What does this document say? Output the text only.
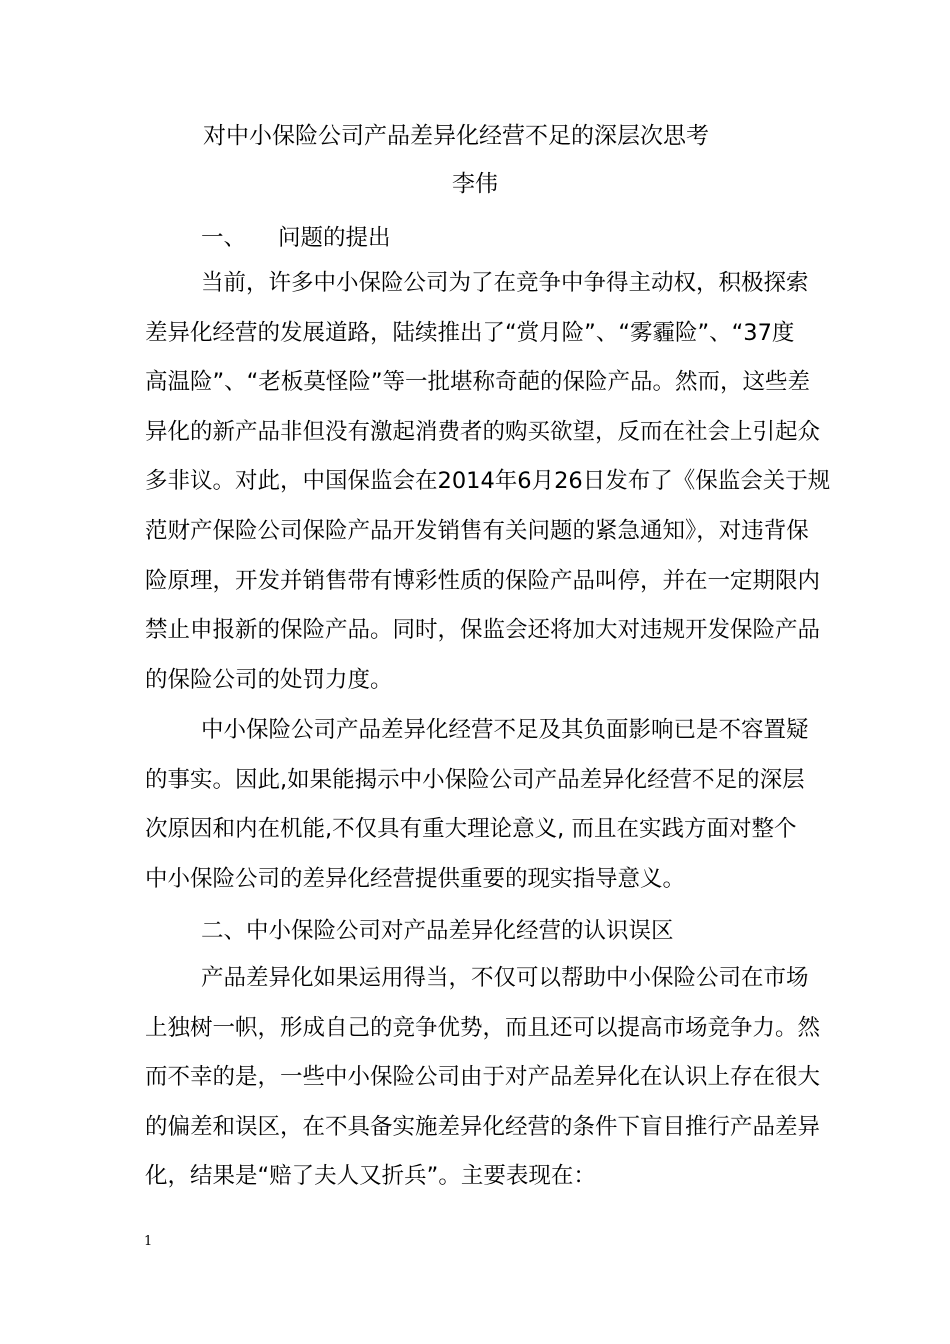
对中小保险公司产品差异化经营不足的深层次思考
李伟
一、 问题的提出
当前，许多中小保险公司为了在竞争中争得主动权，积极探索
差异化经营的发展道路，陆续推出了“赏月险”、“雾霾险”、“37度
高温险”、“老板莫怪险”等一批堪称奇葩的保险产品。然而，这些差
异化的新产品非但没有激起消费者的购买欲望，反而在社会上引起众
多非议。对此，中国保监会在2014年6月26日发布了《保监会关于规
范财产保险公司保险产品开发销售有关问题的紧急通知》，对违背保
险原理，开发并销售带有博彩性质的保险产品叫停，并在一定期限内
禁止申报新的保险产品。同时，保监会还将加大对违规开发保险产品
的保险公司的处罚力度。
中小保险公司产品差异化经营不足及其负面影响已是不容置疑
的事实。因此,如果能揭示中小保险公司产品差异化经营不足的深层
次原因和内在机能,不仅具有重大理论意义, 而且在实践方面对整个
中小保险公司的差异化经营提供重要的现实指导意义。
二、中小保险公司对产品差异化经营的认识误区
产品差异化如果运用得当，不仅可以帮助中小保险公司在市场
上独树一帜，形成自己的竞争优势，而且还可以提高市场竞争力。然
而不幸的是，一些中小保险公司由于对产品差异化在认识上存在很大
的偏差和误区，在不具备实施差异化经营的条件下盲目推行产品差异
化，结果是“赔了夫人又折兵”。主要表现在：
1
